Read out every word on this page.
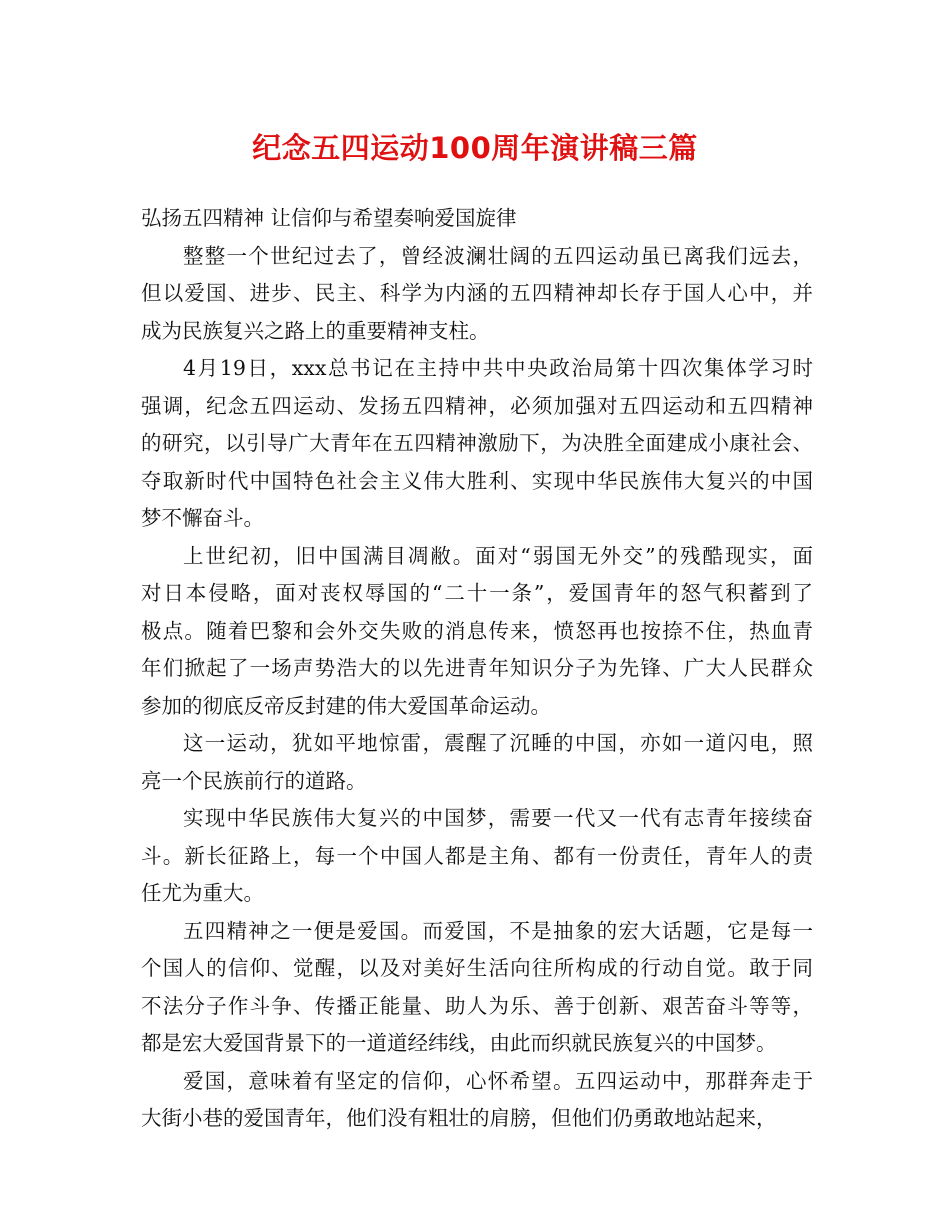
纪念五四运动100周年演讲稿三篇
弘扬五四精神 让信仰与希望奏响爱国旋律

整整一个世纪过去了，曾经波澜壮阔的五四运动虽已离我们远去，

但以爱国、进步、民主、科学为内涵的五四精神却长存于国人心中，并

成为民族复兴之路上的重要精神支柱。

4月19日，xxx总书记在主持中共中央政治局第十四次集体学习时

强调，纪念五四运动、发扬五四精神，必须加强对五四运动和五四精神

的研究，以引导广大青年在五四精神激励下，为决胜全面建成小康社会、

夺取新时代中国特色社会主义伟大胜利、实现中华民族伟大复兴的中国

梦不懈奋斗。

上世纪初，旧中国满目凋敝。面对“弱国无外交”的残酷现实，面

对日本侵略，面对丧权辱国的“二十一条”，爱国青年的怒气积蓄到了

极点。随着巴黎和会外交失败的消息传来，愤怒再也按捺不住，热血青

年们掀起了一场声势浩大的以先进青年知识分子为先锋、广大人民群众

参加的彻底反帝反封建的伟大爱国革命运动。

这一运动，犹如平地惊雷，震醒了沉睡的中国，亦如一道闪电，照

亮一个民族前行的道路。

实现中华民族伟大复兴的中国梦，需要一代又一代有志青年接续奋

斗。新长征路上，每一个中国人都是主角、都有一份责任，青年人的责

任尤为重大。

五四精神之一便是爱国。而爱国，不是抽象的宏大话题，它是每一

个国人的信仰、觉醒，以及对美好生活向往所构成的行动自觉。敢于同

不法分子作斗争、传播正能量、助人为乐、善于创新、艰苦奋斗等等，

都是宏大爱国背景下的一道道经纬线，由此而织就民族复兴的中国梦。

爱国，意味着有坚定的信仰，心怀希望。五四运动中，那群奔走于

大街小巷的爱国青年，他们没有粗壮的肩膀，但他们仍勇敢地站起来，
